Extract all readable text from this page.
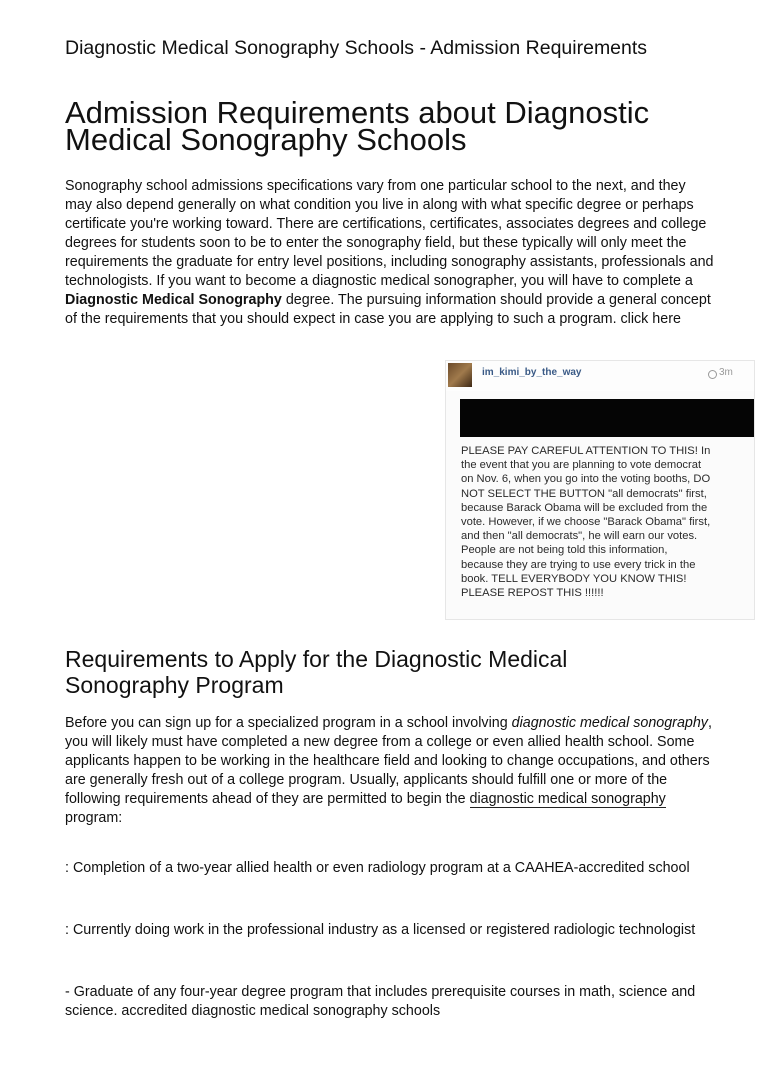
Diagnostic Medical Sonography Schools - Admission Requirements
Admission Requirements about Diagnostic Medical Sonography Schools

Sonography school admissions specifications vary from one particular school to the next, and they may also depend generally on what condition you live in along with what specific degree or perhaps certificate you're working toward. There are certifications, certificates, associates degrees and college degrees for students soon to be to enter the sonography field, but these typically will only meet the requirements the graduate for entry level positions, including sonography assistants, professionals and technologists. If you want to become a diagnostic medical sonographer, you will have to complete a Diagnostic Medical Sonography degree. The pursuing information should provide a general concept of the requirements that you should expect in case you are applying to such a program. click here

im_kimi_by_the_way	3m
PLEASE PAY CAREFUL ATTENTION TO THIS! In the event that you are planning to vote democrat on Nov. 6, when you go into the voting booths, DO NOT SELECT THE BUTTON "all democrats" first, because Barack Obama will be excluded from the vote. However, if we choose "Barack Obama" first, and then "all democrats", he will earn our votes. People are not being told this information, because they are trying to use every trick in the book. TELL EVERYBODY YOU KNOW THIS! PLEASE REPOST THIS !!!!!!
Requirements to Apply for the Diagnostic Medical Sonography Program

Before you can sign up for a specialized program in a school involving diagnostic medical sonography, you will likely must have completed a new degree from a college or even allied health school. Some applicants happen to be working in the healthcare field and looking to change occupations, and others are generally fresh out of a college program. Usually, applicants should fulfill one or more of the following requirements ahead of they are permitted to begin the diagnostic medical sonography program:

: Completion of a two-year allied health or even radiology program at a CAAHEA-accredited school

: Currently doing work in the professional industry as a licensed or registered radiologic technologist

- Graduate of any four-year degree program that includes prerequisite courses in math, science and science. accredited diagnostic medical sonography schools
